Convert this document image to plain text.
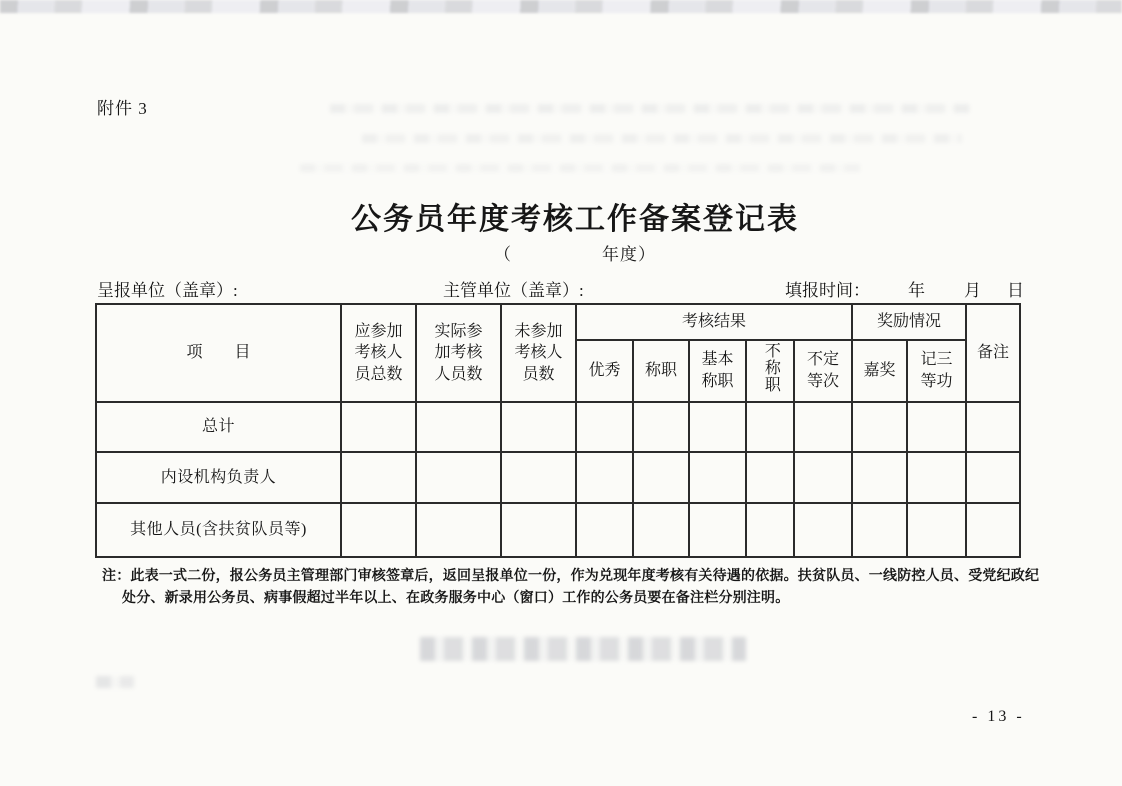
附件 3
公务员年度考核工作备案登记表
（　　　　　年度）
呈报单位（盖章）:	主管单位（盖章）:	填报时间： 年 月 日
项　　目	应参加考核人员总数	实际参加考核人员数	未参加考核人员数	考核结果					奖励情况		备注
				优秀	称职	基本称职	不称职	不定等次	嘉奖	记三等功	
总计											
内设机构负责人											
其他人员(含扶贫队员等)											
注：此表一式二份，报公务员主管理部门审核签章后，返回呈报单位一份，作为兑现年度考核有关待遇的依据。扶贫队员、一线防控人员、受党纪政纪
处分、新录用公务员、病事假超过半年以上、在政务服务中心（窗口）工作的公务员要在备注栏分别注明。
- 13 -
